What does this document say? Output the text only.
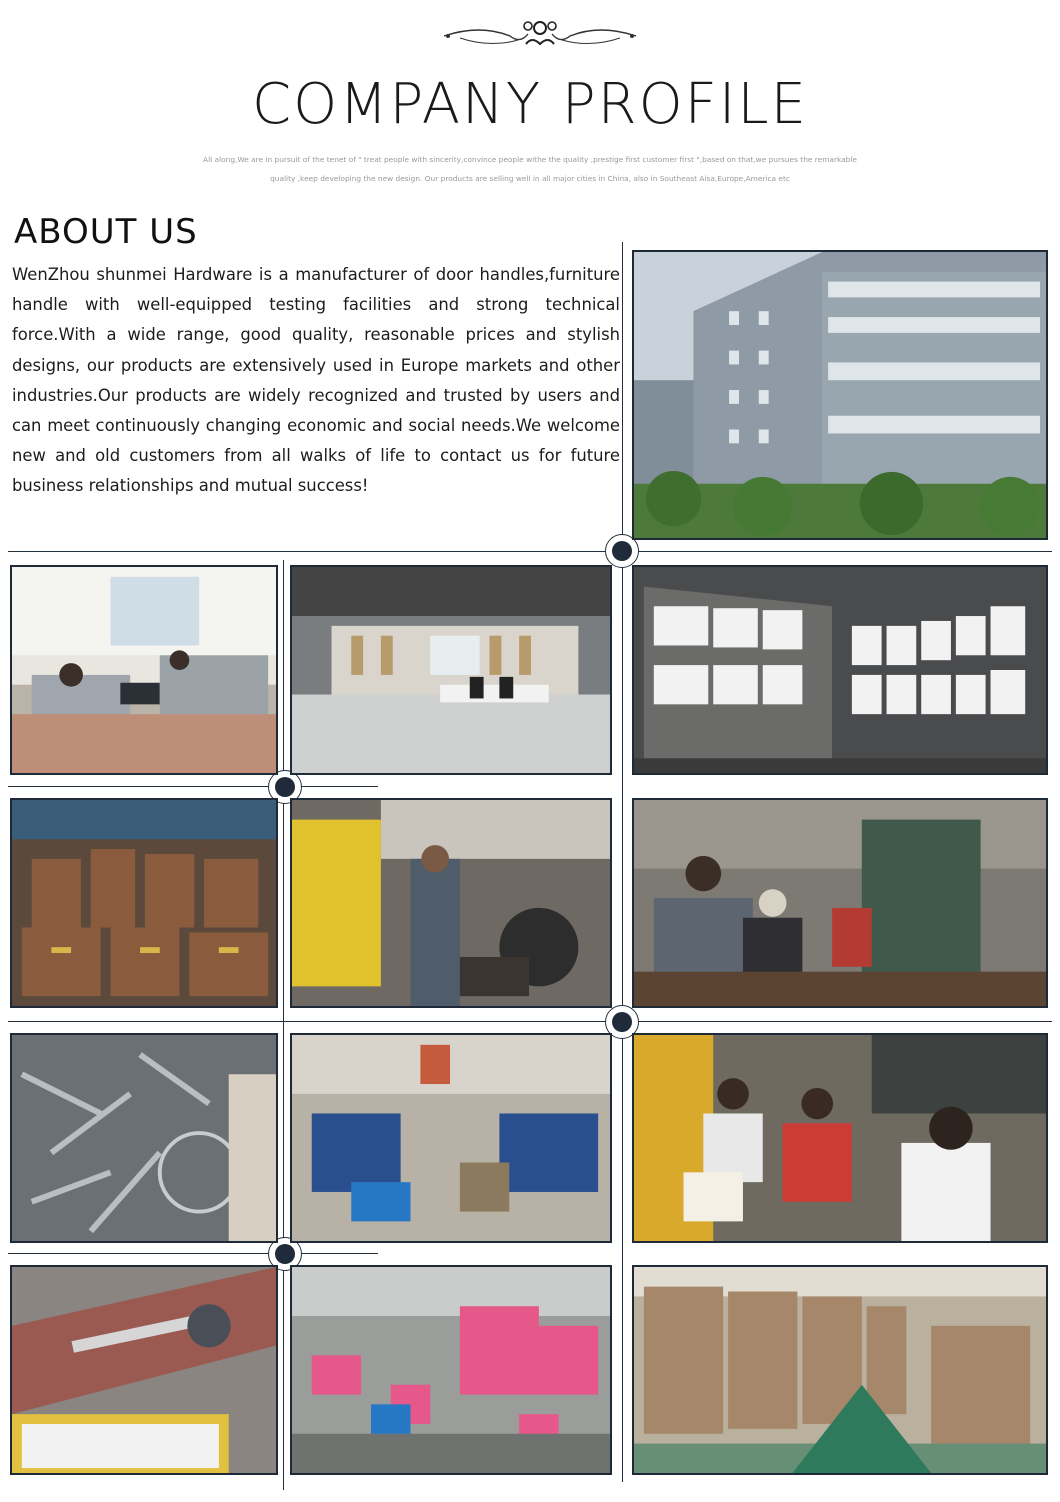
COMPANY PROFILE
All along,We are in pursuit of the tenet of " treat people with sincerity,convince people withe the quality ,prestige first customer first ",based on that,we pursues the remarkable
quality ,keep developing the new design. Our products are selling well in all major cities in China, also in Southeast Aisa,Europe,America etc
ABOUT US
WenZhou shunmei Hardware is a manufacturer of door handles,furniture handle with well-equipped testing facilities and strong technical force.With a wide range, good quality, reasonable prices and stylish designs, our products are extensively used in Europe markets and other industries.Our products are widely recognized and trusted by users and can meet continuously changing economic and social needs.We welcome new and old customers from all walks of life to contact us for future business relationships and mutual success!
